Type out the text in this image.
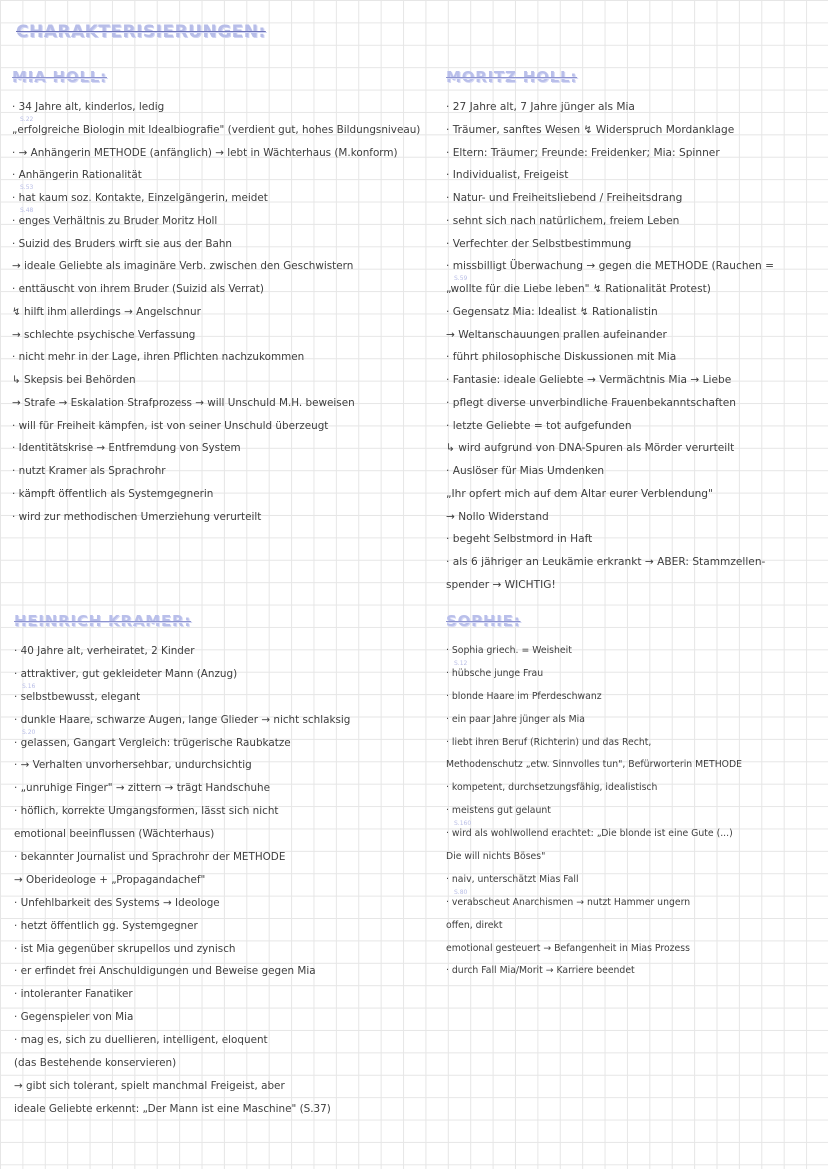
CHARAKTERISIERUNGEN:
MIA HOLL:
· 34 Jahre alt, kinderlos, ledig
„erfolgreiche Biologin mit Idealbiografie" (verdient gut, hohes Bildungsniveau)
S.22
· → Anhängerin METHODE (anfänglich) → lebt in Wächterhaus (M.konform)
· Anhängerin Rationalität
· hat kaum soz. Kontakte, Einzelgängerin, meidet
S.53
· enges Verhältnis zu Bruder Moritz Holl
S.48
· Suizid des Bruders wirft sie aus der Bahn
→ ideale Geliebte als imaginäre Verb. zwischen den Geschwistern
· enttäuscht von ihrem Bruder (Suizid als Verrat)
↯ hilft ihm allerdings → Angelschnur
→ schlechte psychische Verfassung
· nicht mehr in der Lage, ihren Pflichten nachzukommen
↳ Skepsis bei Behörden
→ Strafe → Eskalation Strafprozess → will Unschuld M.H. beweisen
· will für Freiheit kämpfen, ist von seiner Unschuld überzeugt
· Identitätskrise → Entfremdung von System
· nutzt Kramer als Sprachrohr
· kämpft öffentlich als Systemgegnerin
· wird zur methodischen Umerziehung verurteilt
MORITZ HOLL:
· 27 Jahre alt, 7 Jahre jünger als Mia
· Träumer, sanftes Wesen ↯ Widerspruch Mordanklage
· Eltern: Träumer; Freunde: Freidenker; Mia: Spinner
· Individualist, Freigeist
· Natur- und Freiheitsliebend / Freiheitsdrang
· sehnt sich nach natürlichem, freiem Leben
· Verfechter der Selbstbestimmung
· missbilligt Überwachung → gegen die METHODE (Rauchen =
„wollte für die Liebe leben" ↯ Rationalität Protest)
S.59
· Gegensatz Mia: Idealist ↯ Rationalistin
→ Weltanschauungen prallen aufeinander
· führt philosophische Diskussionen mit Mia
· Fantasie: ideale Geliebte → Vermächtnis Mia → Liebe
· pflegt diverse unverbindliche Frauenbekanntschaften
· letzte Geliebte = tot aufgefunden
↳ wird aufgrund von DNA-Spuren als Mörder verurteilt
· Auslöser für Mias Umdenken
„Ihr opfert mich auf dem Altar eurer Verblendung"
→ Nollo Widerstand
· begeht Selbstmord in Haft
· als 6 jähriger an Leukämie erkrankt → ABER: Stammzellen-
spender → WICHTIG!
HEINRICH KRAMER:
· 40 Jahre alt, verheiratet, 2 Kinder
· attraktiver, gut gekleideter Mann (Anzug)
· selbstbewusst, elegant
S.16
· dunkle Haare, schwarze Augen, lange Glieder → nicht schlaksig
· gelassen, Gangart Vergleich: trügerische Raubkatze
S.20
· → Verhalten unvorhersehbar, undurchsichtig
· „unruhige Finger" → zittern → trägt Handschuhe
· höflich, korrekte Umgangsformen, lässt sich nicht
emotional beeinflussen (Wächterhaus)
· bekannter Journalist und Sprachrohr der METHODE
→ Oberideologe + „Propagandachef"
· Unfehlbarkeit des Systems → Ideologe
· hetzt öffentlich gg. Systemgegner
· ist Mia gegenüber skrupellos und zynisch
· er erfindet frei Anschuldigungen und Beweise gegen Mia
· intoleranter Fanatiker
· Gegenspieler von Mia
· mag es, sich zu duellieren, intelligent, eloquent
(das Bestehende konservieren)
→ gibt sich tolerant, spielt manchmal Freigeist, aber
ideale Geliebte erkennt: „Der Mann ist eine Maschine" (S.37)
SOPHIE:
· Sophia griech. = Weisheit
· hübsche junge Frau
S.12
· blonde Haare im Pferdeschwanz
· ein paar Jahre jünger als Mia
· liebt ihren Beruf (Richterin) und das Recht,
Methodenschutz „etw. Sinnvolles tun", Befürworterin METHODE
· kompetent, durchsetzungsfähig, idealistisch
· meistens gut gelaunt
· wird als wohlwollend erachtet: „Die blonde ist eine Gute (...)
S.160
Die will nichts Böses"
· naiv, unterschätzt Mias Fall
· verabscheut Anarchismen → nutzt Hammer ungern
S.80
offen, direkt
emotional gesteuert → Befangenheit in Mias Prozess
· durch Fall Mia/Morit → Karriere beendet
